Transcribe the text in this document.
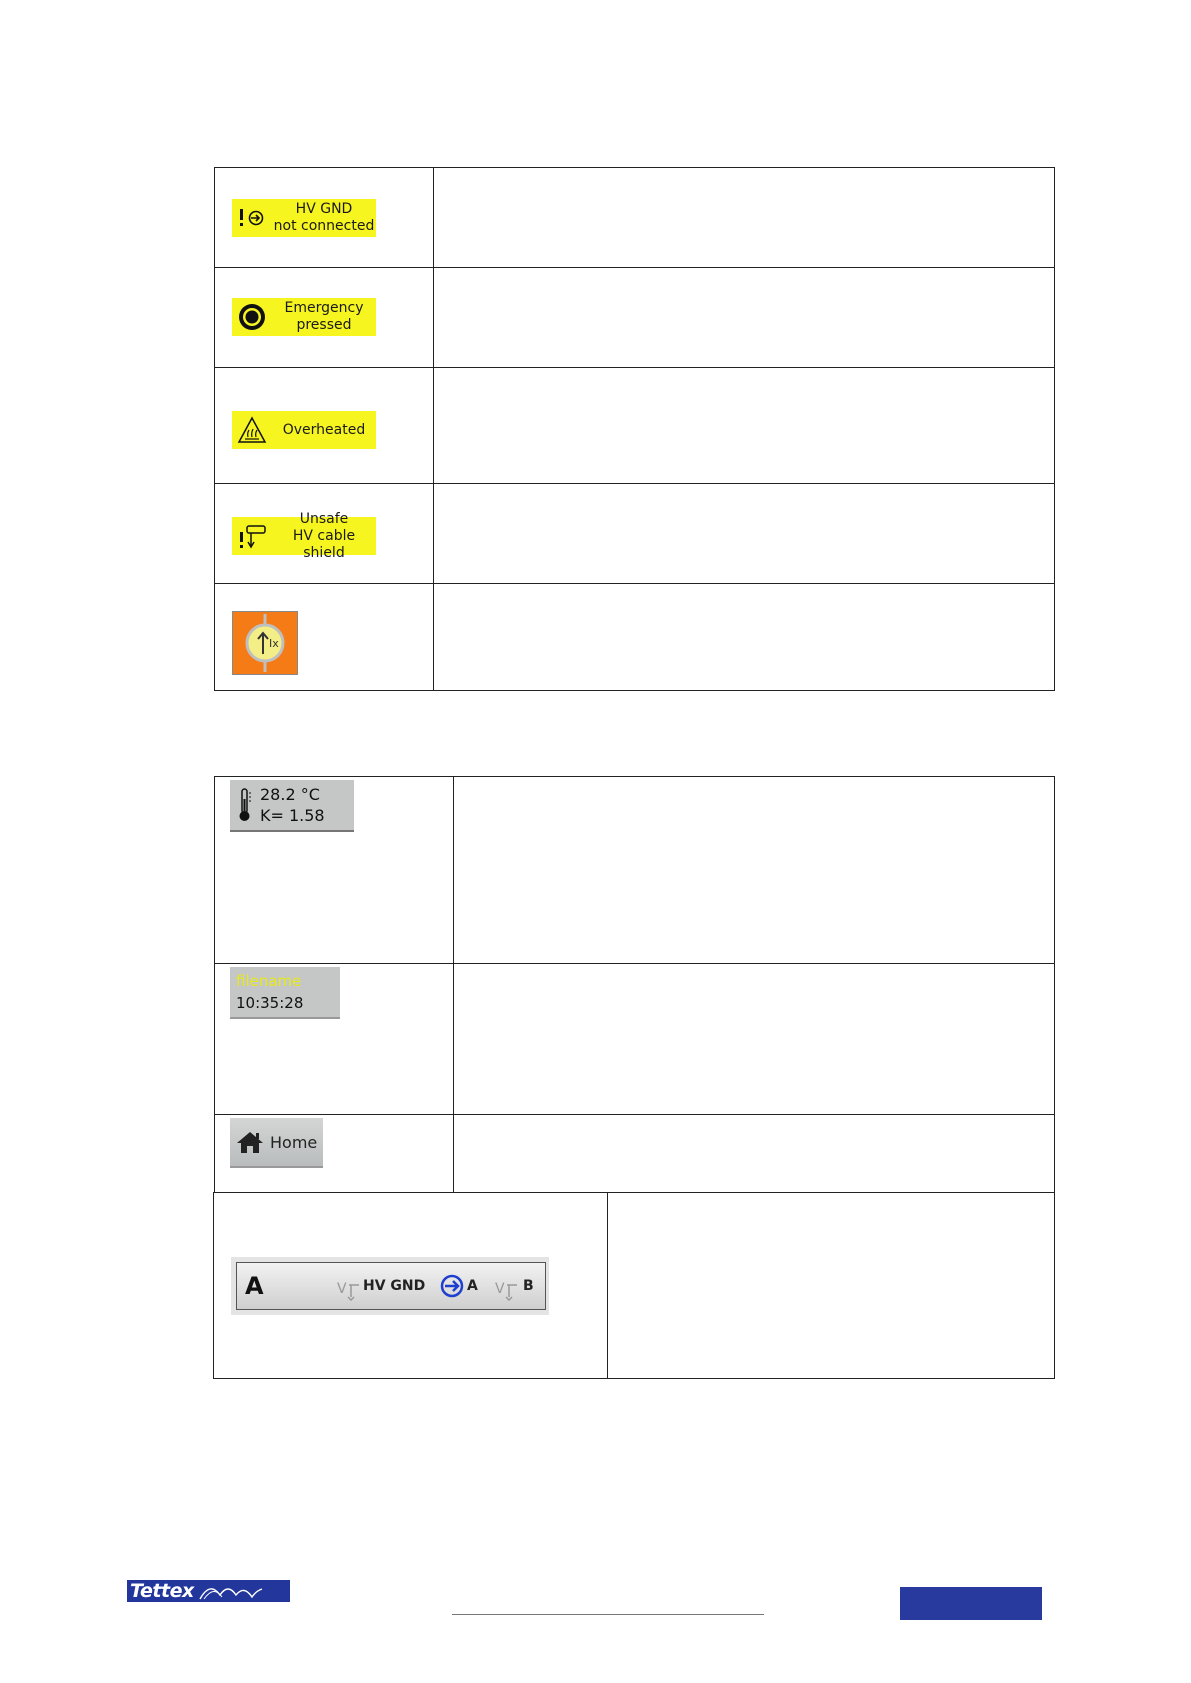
HV GND
not connected	

Emergency
pressed	

Overheated	

Unsafe
HV cable shield	

Ix	

28.2 °C
K= 1.58	

filename
10:35:28	

Home	

A	V HV GND	A V B

Tettex
